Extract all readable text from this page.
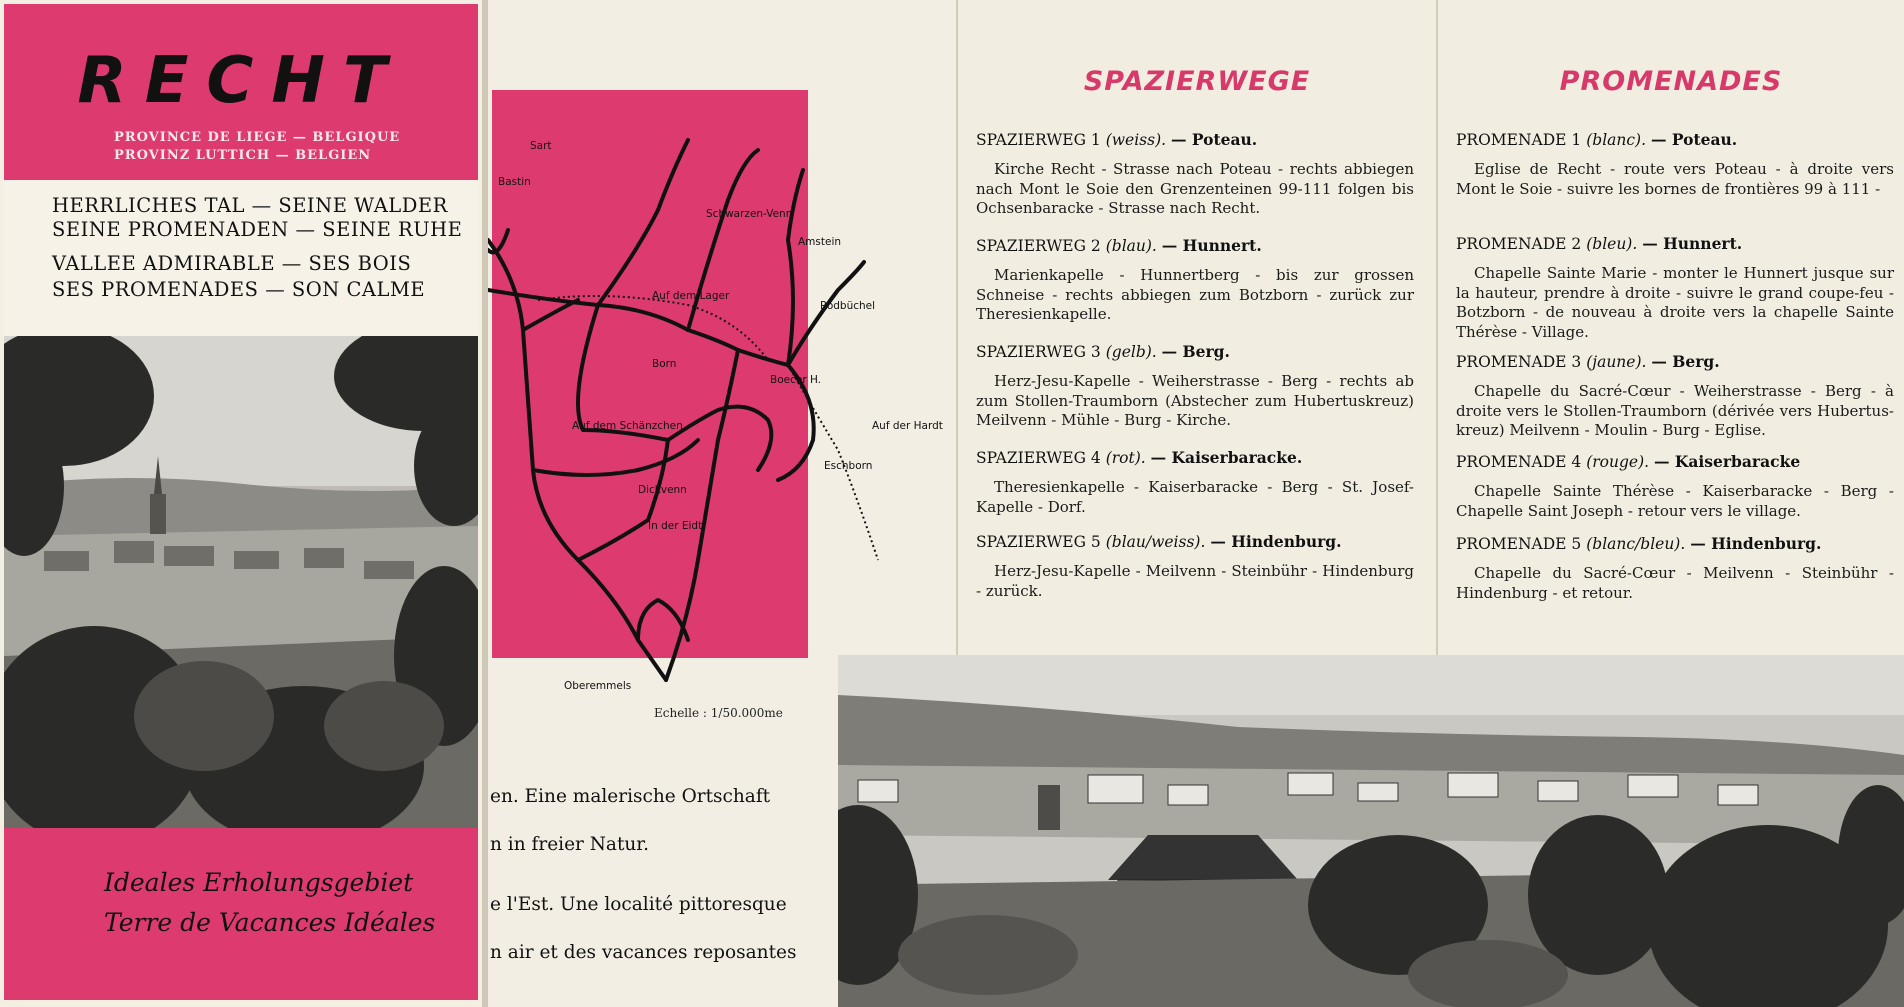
RECHT
PROVINCE DE LIEGE — BELGIQUE
PROVINZ LUTTICH — BELGIEN
HERRLICHES TAL — SEINE WALDER
SEINE PROMENADEN — SEINE RUHE
VALLEE ADMIRABLE — SES BOIS
SES PROMENADES — SON CALME
Ideales Erholungsgebiet
Terre de Vacances Idéales
Sart
Bastin
Schwarzen-Venn
Auf dem Lager
Amstein
Rodbüchel
Born
Boecer H.
Auf dem Schänzchen	Auf der Hardt
Eschborn
Dickvenn
In der Eidt
Oberemmels
Echelle : 1/50.000me
en. Eine malerische Ortschaft
n in freier Natur.
e l'Est. Une localité pittoresque
n air et des vacances reposantes
SPAZIERWEGE
SPAZIERWEG 1 (weiss). — Poteau.
Kirche Recht - Strasse nach Poteau - rechts abbiegen nach Mont le Soie den Grenzenteinen 99-111 folgen bis Ochsenbaracke - Strasse nach Recht.
SPAZIERWEG 2 (blau). — Hunnert.
Marienkapelle - Hunnertberg - bis zur grossen Schneise - rechts abbiegen zum Botzborn - zurück zur Theresienkapelle.
SPAZIERWEG 3 (gelb). — Berg.
Herz-Jesu-Kapelle - Weiherstrasse - Berg - rechts ab zum Stollen-Traumborn (Abstecher zum Hubertuskreuz) Meilvenn - Mühle - Burg - Kirche.
SPAZIERWEG 4 (rot). — Kaiserbaracke.
Theresienkapelle - Kaiserbaracke - Berg - St. Josef-Kapelle - Dorf.
SPAZIERWEG 5 (blau/weiss). — Hindenburg.
Herz-Jesu-Kapelle - Meilvenn - Steinbühr - Hindenburg - zurück.
PROMENADES
PROMENADE 1 (blanc). — Poteau.
Eglise de Recht - route vers Poteau - à droite vers Mont le Soie - suivre les bornes de frontières 99 à 111 -
PROMENADE 2 (bleu). — Hunnert.
Chapelle Sainte Marie - monter le Hunnert jusque sur la hauteur, prendre à droite - suivre le grand coupe-feu - Botzborn - de nouveau à droite vers la chapelle Sainte Thérèse - Village.
PROMENADE 3 (jaune). — Berg.
Chapelle du Sacré-Cœur - Weiherstrasse - Berg - à droite vers le Stollen-Traumborn (dérivée vers Hubertus-kreuz) Meilvenn - Moulin - Burg - Eglise.
PROMENADE 4 (rouge). — Kaiserbaracke
Chapelle Sainte Thérèse - Kaiserbaracke - Berg - Chapelle Saint Joseph - retour vers le village.
PROMENADE 5 (blanc/bleu). — Hindenburg.
Chapelle du Sacré-Cœur - Meilvenn - Steinbühr - Hindenburg - et retour.
